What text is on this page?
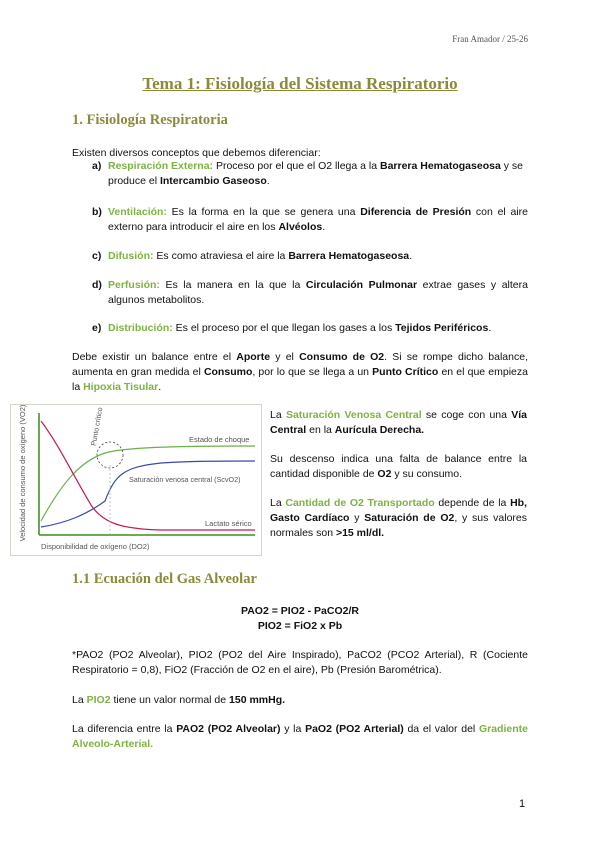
Fran Amador / 25-26
Tema 1: Fisiología del Sistema Respiratorio
1. Fisiología Respiratoria
Existen diversos conceptos que debemos diferenciar:
a) Respiración Externa: Proceso por el que el O2 llega a la Barrera Hematogaseosa y se produce el Intercambio Gaseoso.
b) Ventilación: Es la forma en la que se genera una Diferencia de Presión con el aire externo para introducir el aire en los Alvéolos.
c) Difusión: Es como atraviesa el aire la Barrera Hematogaseosa.
d) Perfusión: Es la manera en la que la Circulación Pulmonar extrae gases y altera algunos metabolitos.
e) Distribución: Es el proceso por el que llegan los gases a los Tejidos Periféricos.
Debe existir un balance entre el Aporte y el Consumo de O2. Si se rompe dicho balance, aumenta en gran medida el Consumo, por lo que se llega a un Punto Crítico en el que empieza la Hipoxia Tisular.
Velocidad de consumo de oxígeno (VO2)
Disponibilidad de oxígeno (DO2)
Punto crítico	Estado de choque
Saturación venosa central (ScvO2)
Lactato sérico
La Saturación Venosa Central se coge con una Vía Central en la Aurícula Derecha.
Su descenso indica una falta de balance entre la cantidad disponible de O2 y su consumo.
La Cantidad de O2 Transportado depende de la Hb, Gasto Cardíaco y Saturación de O2, y sus valores normales son >15 ml/dl.
1.1 Ecuación del Gas Alveolar
PAO2 = PIO2 - PaCO2/R
PIO2 = FiO2 x Pb
*PAO2 (PO2 Alveolar), PIO2 (PO2 del Aire Inspirado), PaCO2 (PCO2 Arterial), R (Cociente Respiratorio = 0,8), FiO2 (Fracción de O2 en el aire), Pb (Presión Barométrica).
La PIO2 tiene un valor normal de 150 mmHg.
La diferencia entre la PAO2 (PO2 Alveolar) y la PaO2 (PO2 Arterial) da el valor del Gradiente Alveolo-Arterial.
1
